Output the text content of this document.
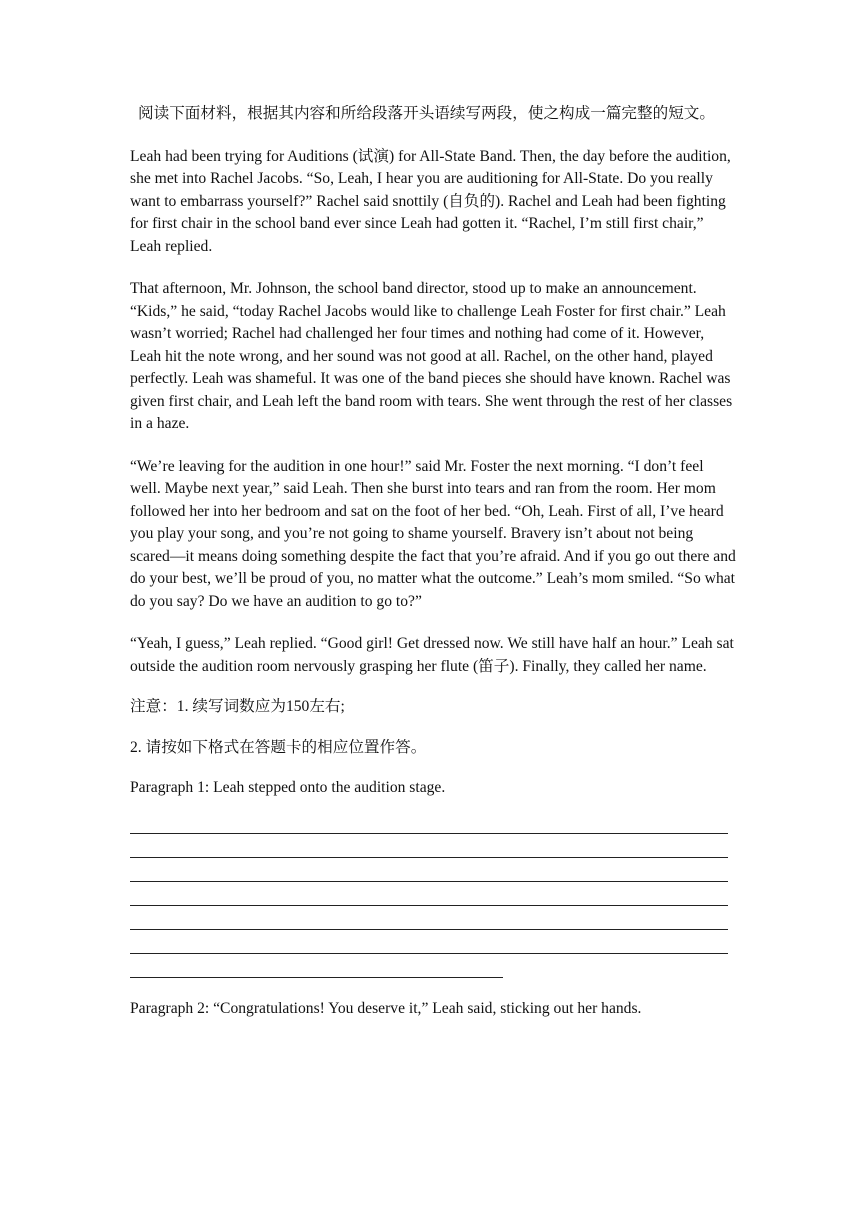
阅读下面材料，根据其内容和所给段落开头语续写两段，使之构成一篇完整的短文。

Leah had been trying for Auditions (试演) for All-State Band. Then, the day before the audition, she met into Rachel Jacobs. “So, Leah, I hear you are auditioning for All-State. Do you really want to embarrass yourself?” Rachel said snottily (自负的). Rachel and Leah had been fighting for first chair in the school band ever since Leah had gotten it. “Rachel, I’m still first chair,” Leah replied.

That afternoon, Mr. Johnson, the school band director, stood up to make an announcement. “Kids,” he said, “today Rachel Jacobs would like to challenge Leah Foster for first chair.” Leah wasn’t worried; Rachel had challenged her four times and nothing had come of it. However, Leah hit the note wrong, and her sound was not good at all. Rachel, on the other hand, played perfectly. Leah was shameful. It was one of the band pieces she should have known. Rachel was given first chair, and Leah left the band room with tears. She went through the rest of her classes in a haze.

“We’re leaving for the audition in one hour!” said Mr. Foster the next morning. “I don’t feel well. Maybe next year,” said Leah. Then she burst into tears and ran from the room. Her mom followed her into her bedroom and sat on the foot of her bed. “Oh, Leah. First of all, I’ve heard you play your song, and you’re not going to shame yourself. Bravery isn’t about not being scared—it means doing something despite the fact that you’re afraid. And if you go out there and do your best, we’ll be proud of you, no matter what the outcome.” Leah’s mom smiled. “So what do you say? Do we have an audition to go to?”

“Yeah, I guess,” Leah replied. “Good girl! Get dressed now. We still have half an hour.” Leah sat outside the audition room nervously grasping her flute (笛子). Finally, they called her name.

注意：1. 续写词数应为150左右;

2. 请按如下格式在答题卡的相应位置作答。

Paragraph 1: Leah stepped onto the audition stage.

Paragraph 2: “Congratulations! You deserve it,” Leah said, sticking out her hands.
